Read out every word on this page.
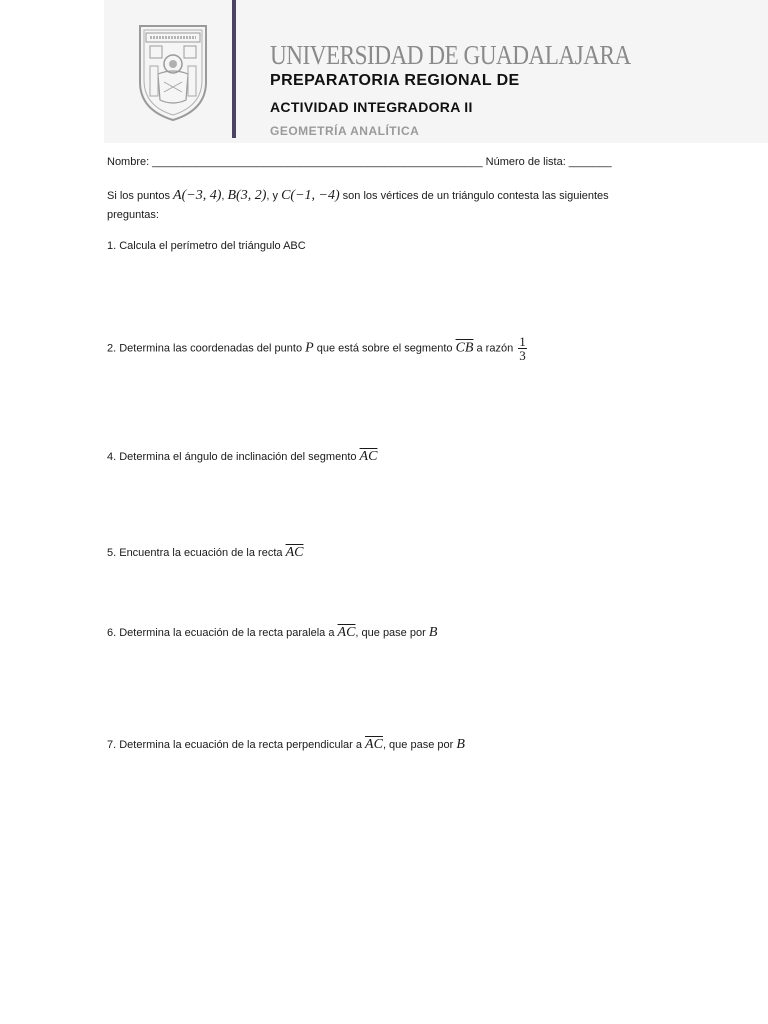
UNIVERSIDAD DE GUADALAJARA
PREPARATORIA REGIONAL DE
ACTIVIDAD INTEGRADORA II
GEOMETRÍA ANALÍTICA
Nombre: ______________________________________________________ Número de lista: _______
Si los puntos A(−3, 4), B(3, 2), y C(−1, −4) son los vértices de un triángulo contesta las siguientes
preguntas:
1. Calcula el perímetro del triángulo ABC
2. Determina las coordenadas del punto P que está sobre el segmento $\overline{CB}$ a razón $\frac{1}{3}$
4. Determina el ángulo de inclinación del segmento $\overline{AC}$
5. Encuentra la ecuación de la recta $\overline{AC}$
6. Determina la ecuación de la recta paralela a $\overline{AC}$, que pase por B
7. Determina la ecuación de la recta perpendicular a $\overline{AC}$, que pase por B
